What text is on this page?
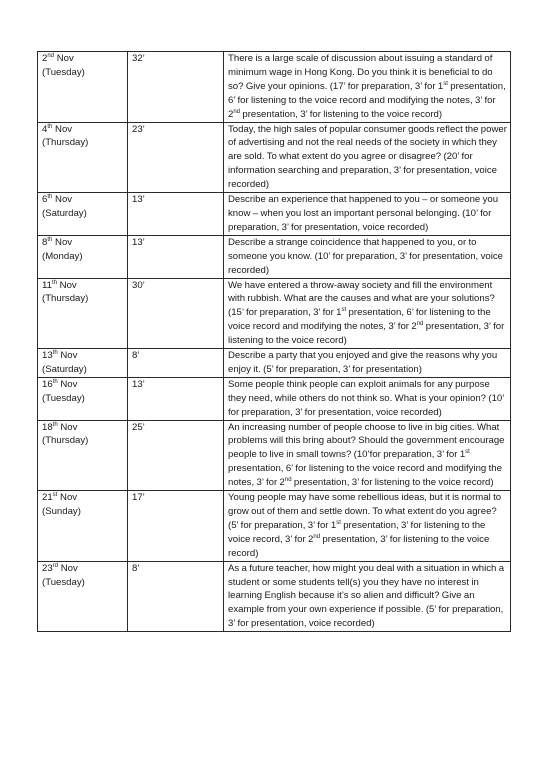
2nd Nov
(Tuesday)	32’	There is a large scale of discussion about issuing a standard of minimum wage in Hong Kong. Do you think it is beneficial to do so? Give your opinions. (17’ for preparation, 3’ for 1st presentation, 6’ for listening to the voice record and modifying the notes, 3’ for 2nd presentation, 3’ for listening to the voice record)

4th Nov
(Thursday)	23’	Today, the high sales of popular consumer goods reflect the power of advertising and not the real needs of the society in which they are sold. To what extent do you agree or disagree? (20’ for information searching and preparation, 3’ for presentation, voice recorded)

6th Nov
(Saturday)	13’	Describe an experience that happened to you – or someone you know – when you lost an important personal belonging. (10’ for preparation, 3’ for presentation, voice recorded)

8th Nov
(Monday)	13’	Describe a strange coincidence that happened to you, or to someone you know. (10’ for preparation, 3’ for presentation, voice recorded)

11th Nov
(Thursday)	30’	We have entered a throw-away society and fill the environment with rubbish. What are the causes and what are your solutions? (15’ for preparation, 3’ for 1st presentation, 6’ for listening to the voice record and modifying the notes, 3’ for 2nd presentation, 3’ for listening to the voice record)

13th Nov
(Saturday)	8’	Describe a party that you enjoyed and give the reasons why you enjoy it. (5’ for preparation, 3’ for presentation)

16th Nov
(Tuesday)	13’	Some people think people can exploit animals for any purpose they need, while others do not think so. What is your opinion? (10’ for preparation, 3’ for presentation, voice recorded)

18th Nov
(Thursday)	25’	An increasing number of people choose to live in big cities. What problems will this bring about? Should the government encourage people to live in small towns? (10’for preparation, 3’ for 1st presentation, 6’ for listening to the voice record and modifying the notes, 3’ for 2nd presentation, 3’ for listening to the voice record)

21st Nov
(Sunday)	17’	Young people may have some rebellious ideas, but it is normal to grow out of them and settle down. To what extent do you agree? (5’ for preparation, 3’ for 1st presentation, 3’ for listening to the voice record, 3’ for 2nd presentation, 3’ for listening to the voice record)

23rd Nov
(Tuesday)	8’	As a future teacher, how might you deal with a situation in which a student or some students tell(s) you they have no interest in learning English because it’s so alien and difficult? Give an example from your own experience if possible. (5’ for preparation, 3’ for presentation, voice recorded)
